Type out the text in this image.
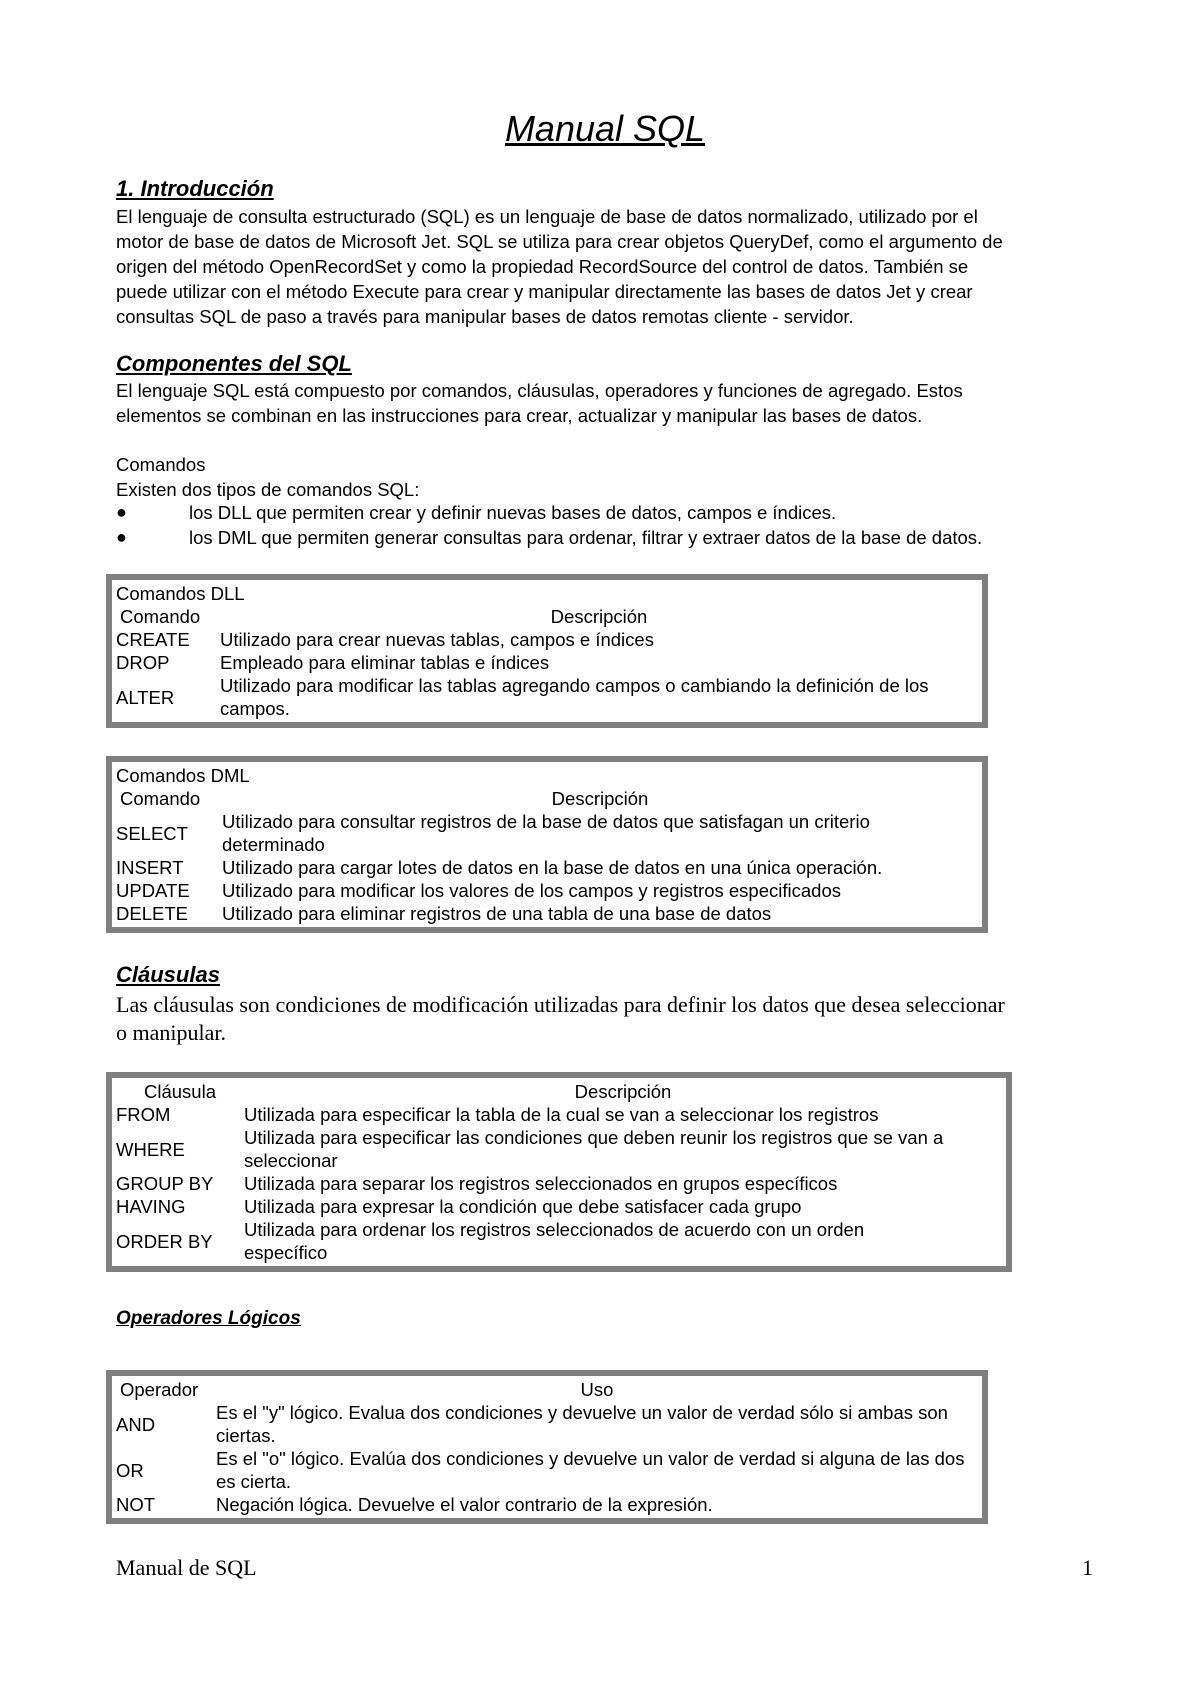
Manual SQL
1. Introducción
El lenguaje de consulta estructurado (SQL) es un lenguaje de base de datos normalizado, utilizado por el
motor de base de datos de Microsoft Jet. SQL se utiliza para crear objetos QueryDef, como el argumento de
origen del método OpenRecordSet y como la propiedad RecordSource del control de datos. También se
puede utilizar con el método Execute para crear y manipular directamente las bases de datos Jet y crear
consultas SQL de paso a través para manipular bases de datos remotas cliente - servidor.
Componentes del SQL
El lenguaje SQL está compuesto por comandos, cláusulas, operadores y funciones de agregado. Estos
elementos se combinan en las instrucciones para crear, actualizar y manipular las bases de datos.
Comandos
Existen dos tipos de comandos SQL:
●	los DLL que permiten crear y definir nuevas bases de datos, campos e índices.
●	los DML que permiten generar consultas para ordenar, filtrar y extraer datos de la base de datos.
Comandos DLL
Comando	Descripción
CREATE	Utilizado para crear nuevas tablas, campos e índices
DROP	Empleado para eliminar tablas e índices
ALTER	Utilizado para modificar las tablas agregando campos o cambiando la definición de los campos.
Comandos DML
Comando	Descripción
SELECT	Utilizado para consultar registros de la base de datos que satisfagan un criterio determinado
INSERT	Utilizado para cargar lotes de datos en la base de datos en una única operación.
UPDATE	Utilizado para modificar los valores de los campos y registros especificados
DELETE	Utilizado para eliminar registros de una tabla de una base de datos
Cláusulas
Las cláusulas son condiciones de modificación utilizadas para definir los datos que desea seleccionar o manipular.
Cláusula	Descripción
FROM	Utilizada para especificar la tabla de la cual se van a seleccionar los registros
WHERE	Utilizada para especificar las condiciones que deben reunir los registros que se van a seleccionar
GROUP BY	Utilizada para separar los registros seleccionados en grupos específicos
HAVING	Utilizada para expresar la condición que debe satisfacer cada grupo
ORDER BY	Utilizada para ordenar los registros seleccionados de acuerdo con un orden específico
Operadores Lógicos
Operador	Uso
AND	Es el "y" lógico. Evalua dos condiciones y devuelve un valor de verdad sólo si ambas son ciertas.
OR	Es el "o" lógico. Evalúa dos condiciones y devuelve un valor de verdad si alguna de las dos es cierta.
NOT	Negación lógica. Devuelve el valor contrario de la expresión.
Manual de SQL	1
